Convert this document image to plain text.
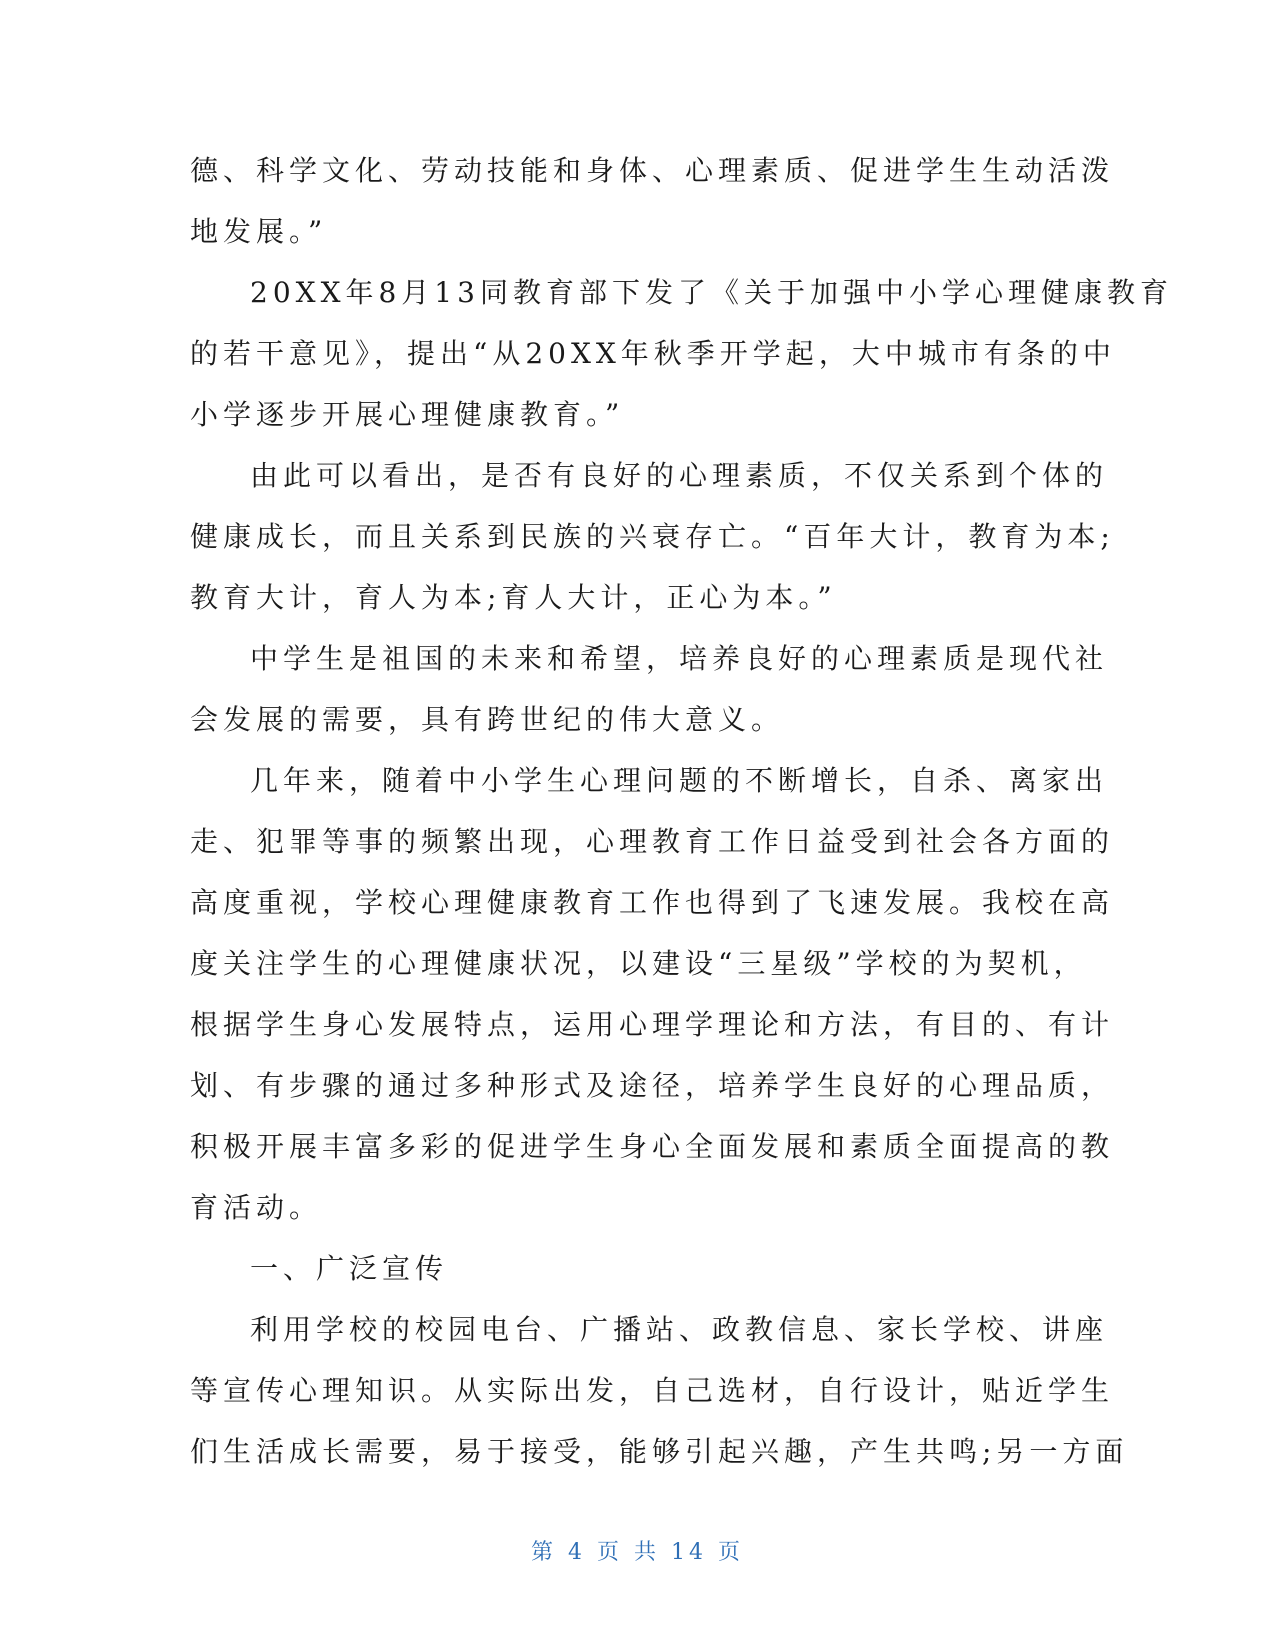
德、科学文化、劳动技能和身体、心理素质、促进学生生动活泼
地发展。”
20XX年8月13同教育部下发了《关于加强中小学心理健康教育
的若干意见》，提出“从20XX年秋季开学起，大中城市有条的中
小学逐步开展心理健康教育。”
由此可以看出，是否有良好的心理素质，不仅关系到个体的
健康成长，而且关系到民族的兴衰存亡。“百年大计，教育为本;
教育大计，育人为本;育人大计，正心为本。”
中学生是祖国的未来和希望，培养良好的心理素质是现代社
会发展的需要，具有跨世纪的伟大意义。
几年来，随着中小学生心理问题的不断增长，自杀、离家出
走、犯罪等事的频繁出现，心理教育工作日益受到社会各方面的
高度重视，学校心理健康教育工作也得到了飞速发展。我校在高
度关注学生的心理健康状况，以建设“三星级”学校的为契机，
根据学生身心发展特点，运用心理学理论和方法，有目的、有计
划、有步骤的通过多种形式及途径，培养学生良好的心理品质，
积极开展丰富多彩的促进学生身心全面发展和素质全面提高的教
育活动。
一、广泛宣传
利用学校的校园电台、广播站、政教信息、家长学校、讲座
等宣传心理知识。从实际出发，自己选材，自行设计，贴近学生
们生活成长需要，易于接受，能够引起兴趣，产生共鸣;另一方面
第 4 页 共 14 页
